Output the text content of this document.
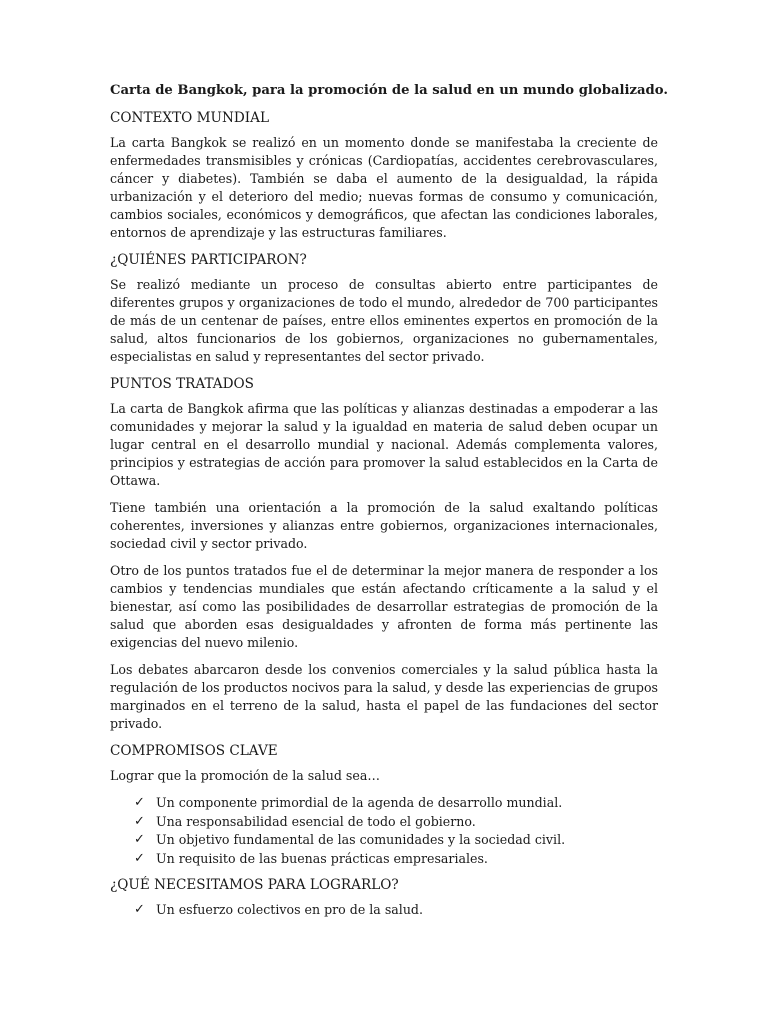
Carta de Bangkok, para la promoción de la salud en un mundo globalizado.
CONTEXTO MUNDIAL

La carta Bangkok se realizó en un momento donde se manifestaba la creciente de enfermedades transmisibles y crónicas (Cardiopatías, accidentes cerebrovasculares, cáncer y diabetes). También se daba el aumento de la desigualdad, la rápida urbanización y el deterioro del medio; nuevas formas de consumo y comunicación, cambios sociales, económicos y demográficos, que afectan las condiciones laborales, entornos de aprendizaje y las estructuras familiares.

¿QUIÉNES PARTICIPARON?

Se realizó mediante un proceso de consultas abierto entre participantes de diferentes grupos y organizaciones de todo el mundo, alrededor de 700 participantes de más de un centenar de países, entre ellos eminentes expertos en promoción de la salud, altos funcionarios de los gobiernos, organizaciones no gubernamentales, especialistas en salud y representantes del sector privado.

PUNTOS TRATADOS

La carta de Bangkok afirma que las políticas y alianzas destinadas a empoderar a las comunidades y mejorar la salud y la igualdad en materia de salud deben ocupar un lugar central en el desarrollo mundial y nacional. Además complementa valores, principios y estrategias de acción para promover la salud establecidos en la Carta de Ottawa.

Tiene también una orientación a la promoción de la salud exaltando políticas coherentes, inversiones y alianzas entre gobiernos, organizaciones internacionales, sociedad civil y sector privado.

Otro de los puntos tratados fue el de determinar la mejor manera de responder a los cambios y tendencias mundiales que están afectando críticamente a la salud y el bienestar, así como las posibilidades de desarrollar estrategias de promoción de la salud que aborden esas desigualdades y afronten de forma más pertinente las exigencias del nuevo milenio.

Los debates abarcaron desde los convenios comerciales y la salud pública hasta la regulación de los productos nocivos para la salud, y desde las experiencias de grupos marginados en el terreno de la salud, hasta el papel de las fundaciones del sector privado.

COMPROMISOS CLAVE

Lograr que la promoción de la salud sea…

✓ Un componente primordial de la agenda de desarrollo mundial.
✓ Una responsabilidad esencial de todo el gobierno.
✓ Un objetivo fundamental de las comunidades y la sociedad civil.
✓ Un requisito de las buenas prácticas empresariales.
¿QUÉ NECESITAMOS PARA LOGRARLO?
✓ Un esfuerzo colectivos en pro de la salud.
